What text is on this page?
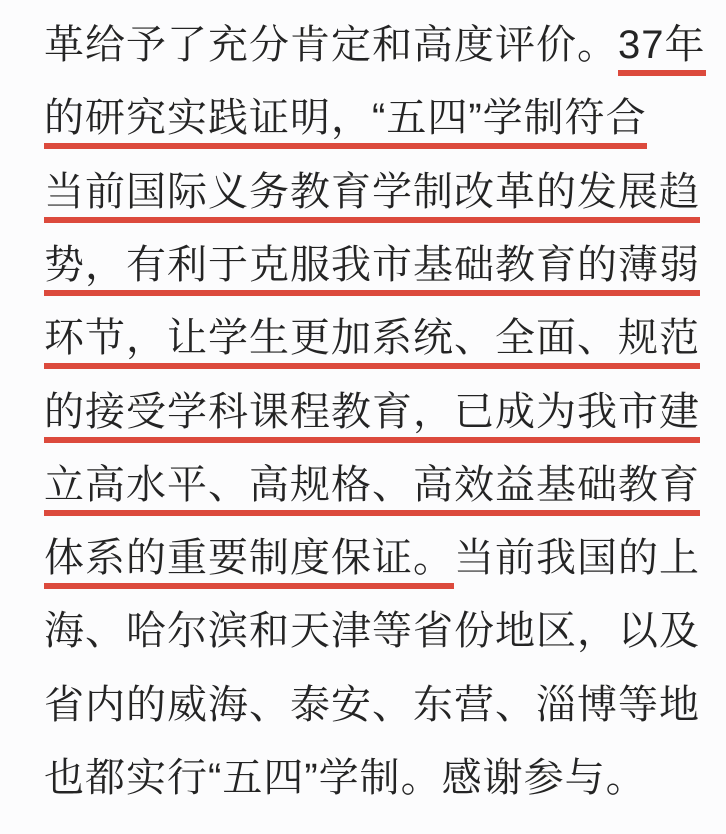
革给予了充分肯定和高度评价。37年
的研究实践证明，“五四”学制符合
当前国际义务教育学制改革的发展趋
势，有利于克服我市基础教育的薄弱
环节，让学生更加系统、全面、规范
的接受学科课程教育，已成为我市建
立高水平、高规格、高效益基础教育
体系的重要制度保证。当前我国的上
海、哈尔滨和天津等省份地区，以及
省内的威海、泰安、东营、淄博等地
也都实行“五四”学制。感谢参与。
